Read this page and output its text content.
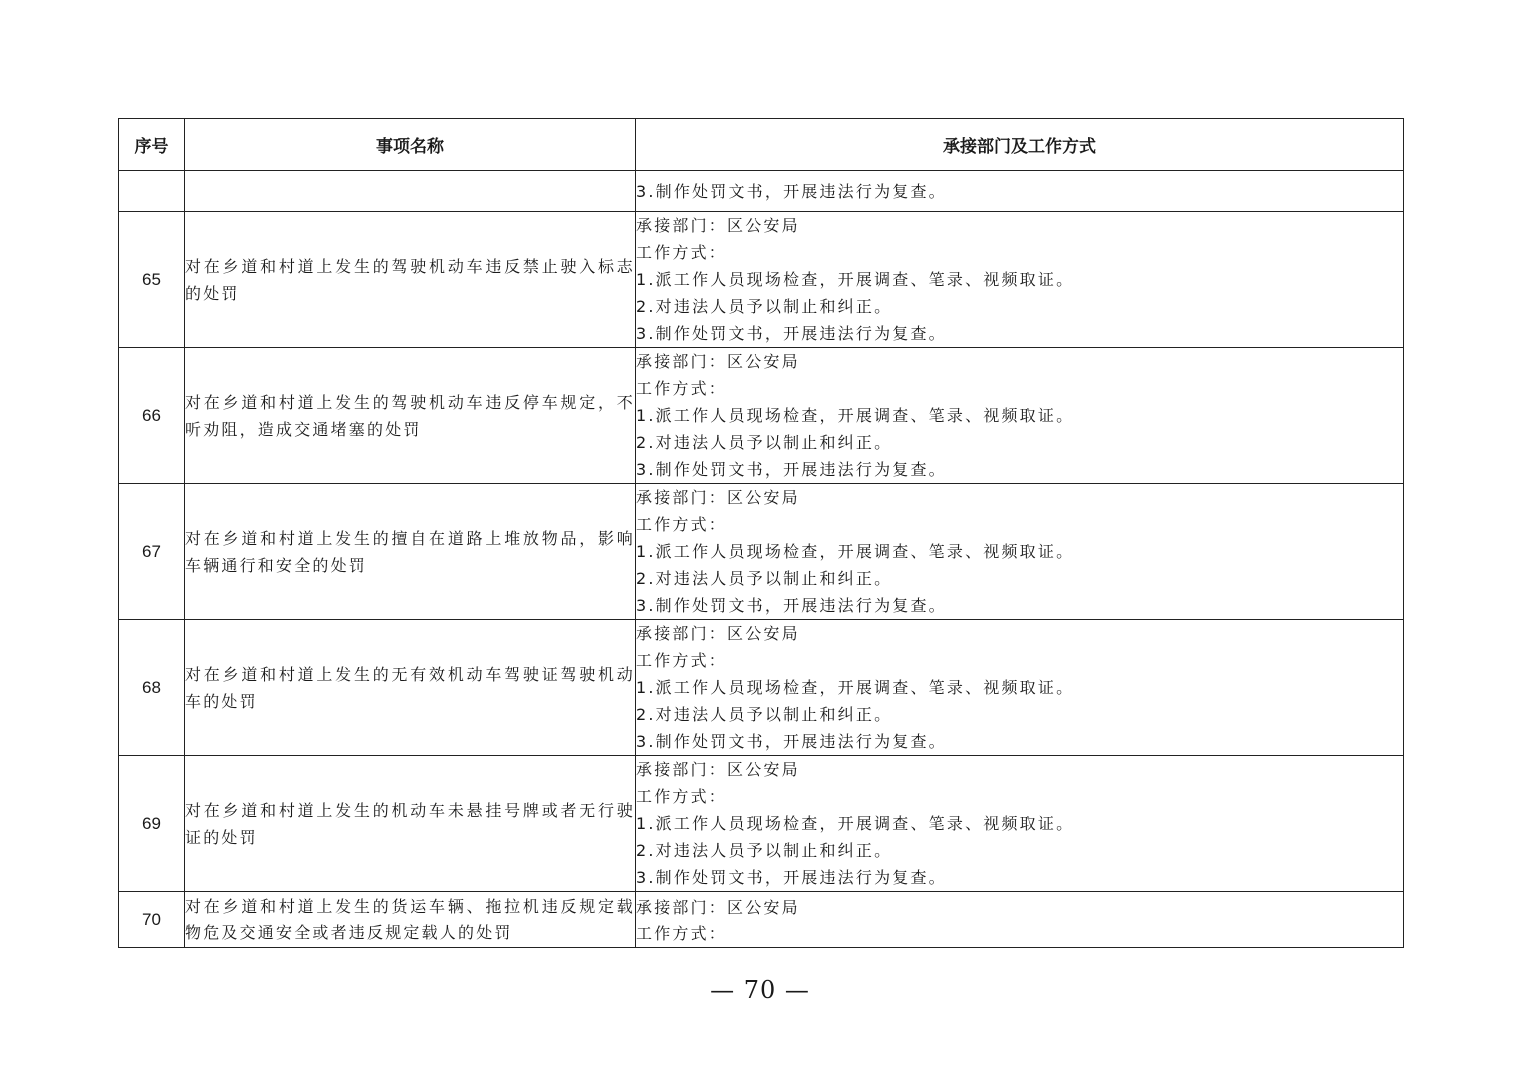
序号	事项名称	承接部门及工作方式

		3.制作处罚文书，开展违法行为复查。

65	对在乡道和村道上发生的驾驶机动车违反禁止驶入标志的处罚	承接部门：区公安局
工作方式：
1.派工作人员现场检查，开展调查、笔录、视频取证。
2.对违法人员予以制止和纠正。
3.制作处罚文书，开展违法行为复查。

66	对在乡道和村道上发生的驾驶机动车违反停车规定，不听劝阻，造成交通堵塞的处罚	承接部门：区公安局
工作方式：
1.派工作人员现场检查，开展调查、笔录、视频取证。
2.对违法人员予以制止和纠正。
3.制作处罚文书，开展违法行为复查。

67	对在乡道和村道上发生的擅自在道路上堆放物品，影响车辆通行和安全的处罚	承接部门：区公安局
工作方式：
1.派工作人员现场检查，开展调查、笔录、视频取证。
2.对违法人员予以制止和纠正。
3.制作处罚文书，开展违法行为复查。

68	对在乡道和村道上发生的无有效机动车驾驶证驾驶机动车的处罚	承接部门：区公安局
工作方式：
1.派工作人员现场检查，开展调查、笔录、视频取证。
2.对违法人员予以制止和纠正。
3.制作处罚文书，开展违法行为复查。

69	对在乡道和村道上发生的机动车未悬挂号牌或者无行驶证的处罚	承接部门：区公安局
工作方式：
1.派工作人员现场检查，开展调查、笔录、视频取证。
2.对违法人员予以制止和纠正。
3.制作处罚文书，开展违法行为复查。

70	对在乡道和村道上发生的货运车辆、拖拉机违反规定载物危及交通安全或者违反规定载人的处罚	承接部门：区公安局
工作方式：
— 70 —
